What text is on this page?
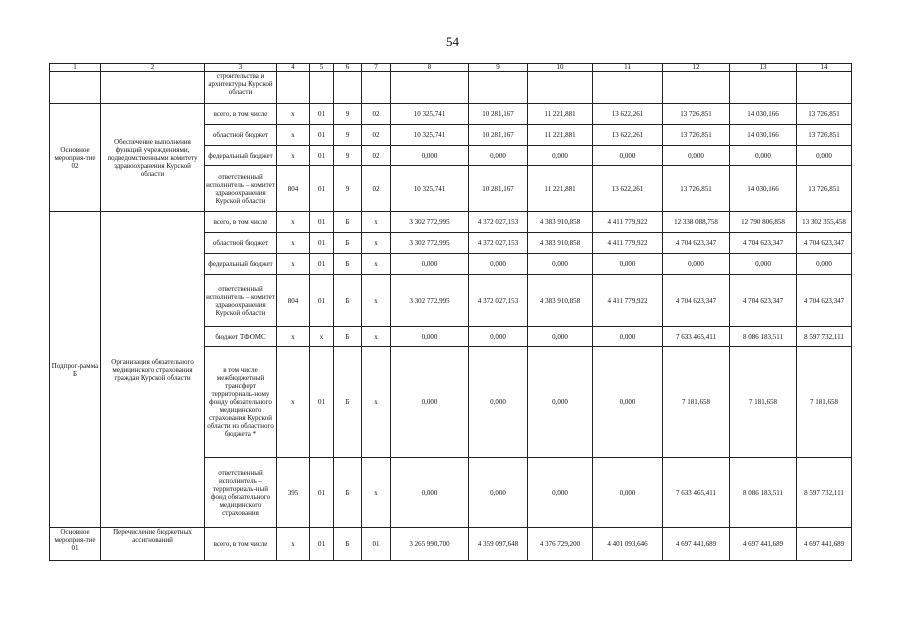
54
1	2	3	4	5	6	7	8	9	10	11	12	13	14
		строительства и архитектуры Курской области											
Основное мероприя-тие 02	Обеспечение выполнения функций учреждениями, подведомственными комитету здравоохранения Курской области	всего, в том числе	х	01	9	02	10 325,741	10 281,167	11 221,881	13 622,261	13 726,851	14 030,166	13 726,851
		областной бюджет	х	01	9	02	10 325,741	10 281,167	11 221,881	13 622,261	13 726,851	14 030,166	13 726,851
		федеральный бюджет	х	01	9	02	0,000	0,000	0,000	0,000	0,000	0,000	0,000
		ответственный исполнитель – комитет здравоохранения Курской области	804	01	9	02	10 325,741	10 281,167	11 221,881	13 622,261	13 726,851	14 030,166	13 726,851
Подпрог-рамма Б	Организация обязательного медицинского страхования граждан Курской области	всего, в том числе	х	01	Б	х	3 302 772,995	4 372 027,153	4 383 910,858	4 411 779,922	12 338 088,758	12 790 806,858	13 302 355,458
		областной бюджет	х	01	Б	х	3 302 772,995	4 372 027,153	4 383 910,858	4 411 779,922	4 704 623,347	4 704 623,347	4 704 623,347
		федеральный бюджет	х	01	Б	х	0,000	0,000	0,000	0,000	0,000	0,000	0,000
		ответственный исполнитель – комитет здравоохранения Курской области	804	01	Б	х	3 302 772,995	4 372 027,153	4 383 910,858	4 411 779,922	4 704 623,347	4 704 623,347	4 704 623,347
		бюджет ТФОМС	х	х	Б	х	0,000	0,000	0,000	0,000	7 633 465,411	8 086 183,511	8 597 732,111
		в том числе межбюджетный трансферт территориаль-ному фонду обязательного медицинского страхования Курской области из областного бюджета *	х	01	Б	х	0,000	0,000	0,000	0,000	7 181,658	7 181,658	7 181,658
		ответственный исполнитель – территориаль-ный фонд обязательного медицинского страхования	395	01	Б	х	0,000	0,000	0,000	0,000	7 633 465,411	8 086 183,511	8 597 732,111
Основное мероприя-тие 01	Перечисление бюджетных ассигнований	всего, в том числе	х	01	Б	01	3 265 990,700	4 359 097,648	4 376 729,200	4 401 093,646	4 697 441,689	4 697 441,689	4 697 441,689
